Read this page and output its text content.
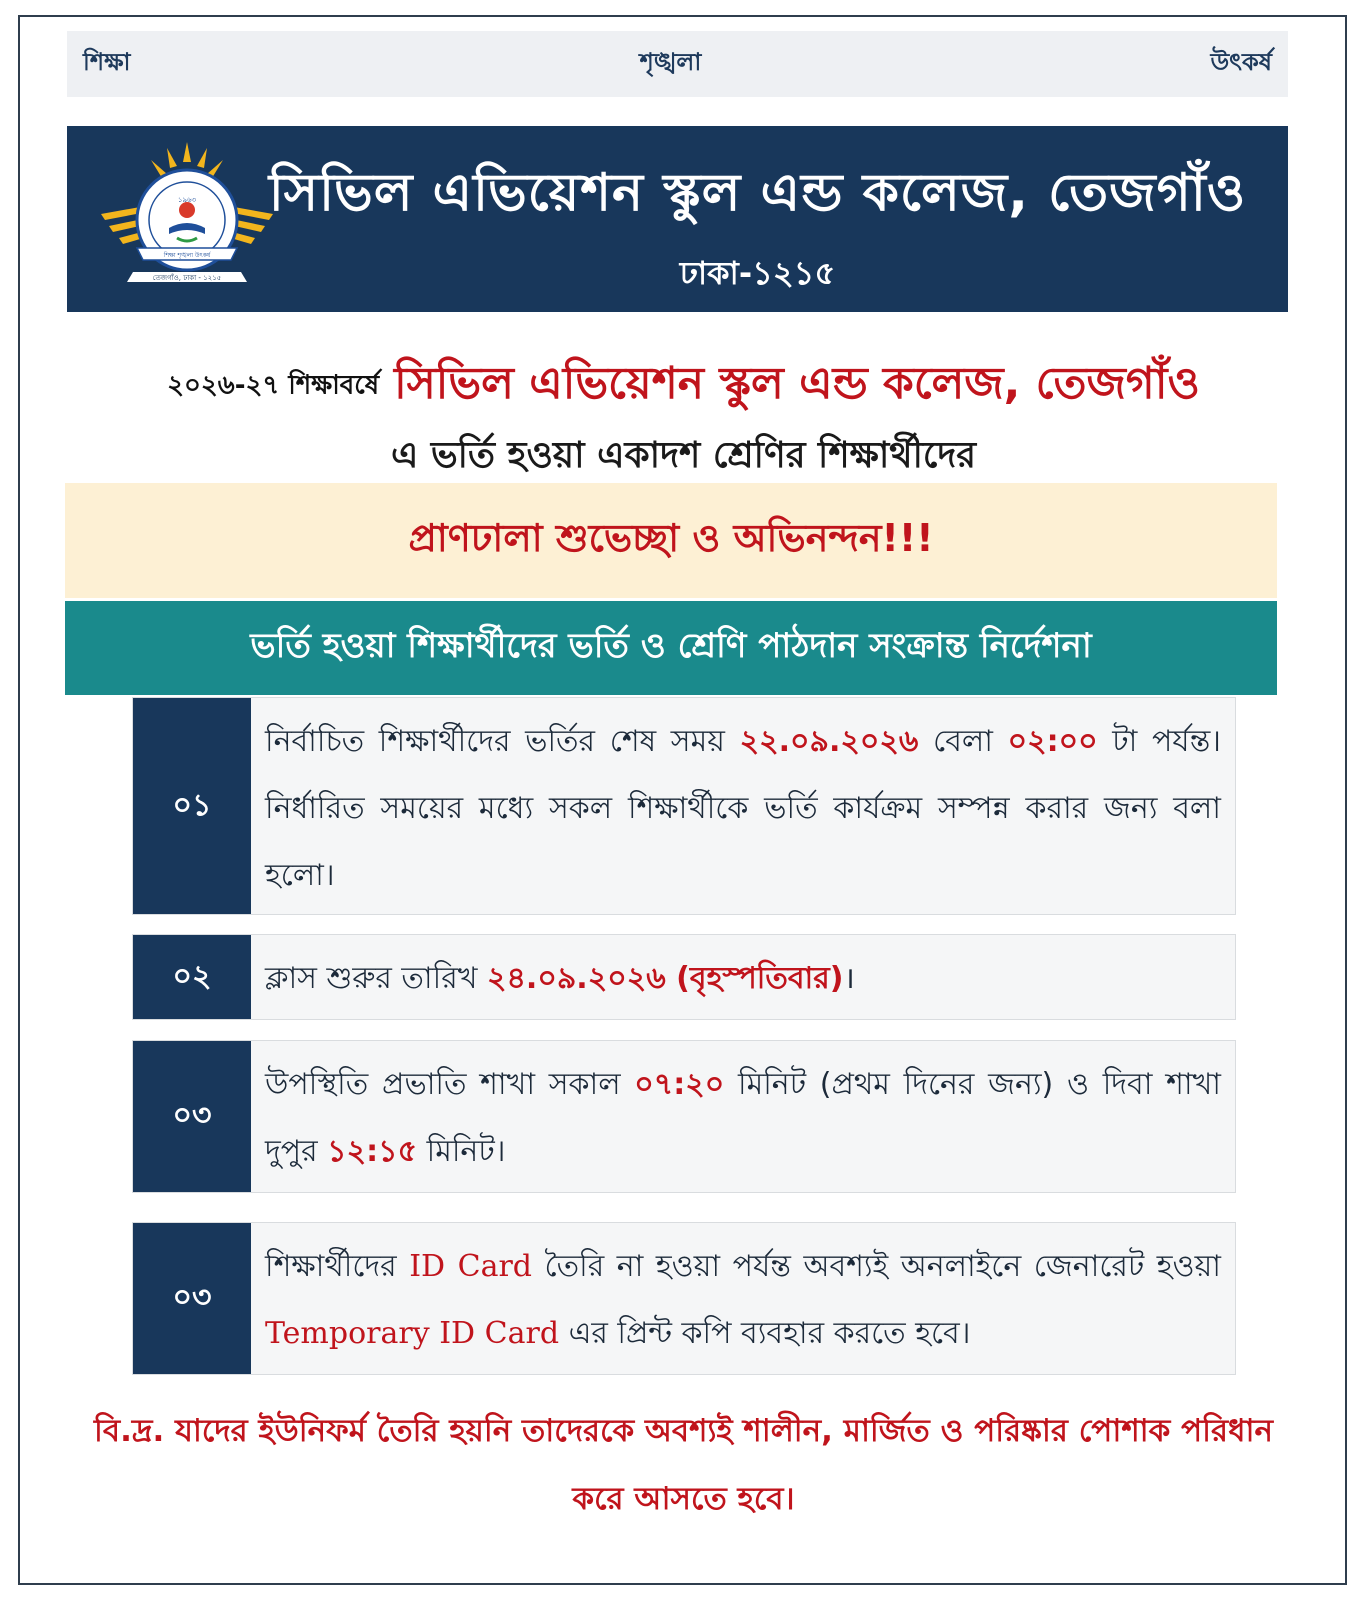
শিক্ষা	শৃঙ্খলা	উৎকর্ষ
১৯৬৩
শিক্ষা শৃঙ্খলা উৎকর্ষ
তেজগাঁও, ঢাকা - ১২১৫
সিভিল এভিয়েশন স্কুল এন্ড কলেজ, তেজগাঁও
ঢাকা-১২১৫
২০২৬-২৭ শিক্ষাবর্ষে সিভিল এভিয়েশন স্কুল এন্ড কলেজ, তেজগাঁও
এ ভর্তি হওয়া একাদশ শ্রেণির শিক্ষার্থীদের
প্রাণঢালা শুভেচ্ছা ও অভিনন্দন!!!
ভর্তি হওয়া শিক্ষার্থীদের ভর্তি ও শ্রেণি পাঠদান সংক্রান্ত নির্দেশনা
০১
নির্বাচিত শিক্ষার্থীদের ভর্তির শেষ সময় ২২.০৯.২০২৬ বেলা ০২:০০ টা পর্যন্ত। নির্ধারিত সময়ের মধ্যে সকল শিক্ষার্থীকে ভর্তি কার্যক্রম সম্পন্ন করার জন্য বলা হলো।
০২	ক্লাস শুরুর তারিখ ২৪.০৯.২০২৬ (বৃহস্পতিবার)।
০৩
উপস্থিতি প্রভাতি শাখা সকাল ০৭:২০ মিনিট (প্রথম দিনের জন্য) ও দিবা শাখা দুপুর ১২:১৫ মিনিট।
০৩
শিক্ষার্থীদের ID Card তৈরি না হওয়া পর্যন্ত অবশ্যই অনলাইনে জেনারেট হওয়া Temporary ID Card এর প্রিন্ট কপি ব্যবহার করতে হবে।
বি.দ্র. যাদের ইউনিফর্ম তৈরি হয়নি তাদেরকে অবশ্যই শালীন, মার্জিত ও পরিষ্কার পোশাক পরিধান করে আসতে হবে।
